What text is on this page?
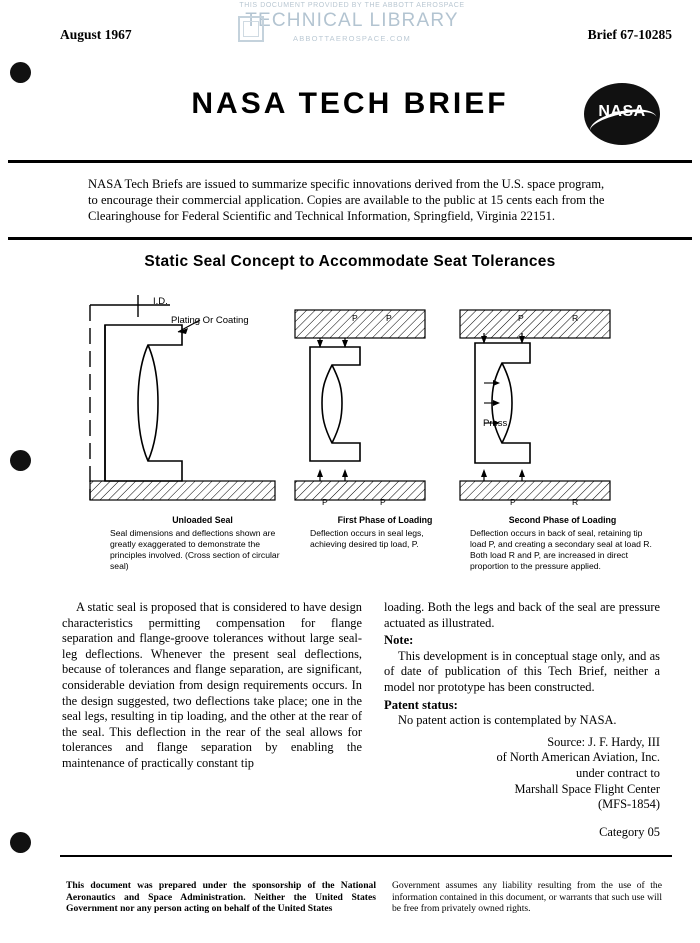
THIS DOCUMENT PROVIDED BY THE ABBOTT AEROSPACE
TECHNICAL LIBRARY
ABBOTTAEROSPACE.COM
August 1967	Brief 67-10285
NASA TECH BRIEF	NASA
NASA Tech Briefs are issued to summarize specific innovations derived from the U.S. space program, to encourage their commercial application. Copies are available to the public at 15 cents each from the Clearinghouse for Federal Scientific and Technical Information, Springfield, Virginia 22151.
Static Seal Concept to Accommodate Seat Tolerances
I.D.
Plating Or Coating	P	P
P	P
P	R
P	R
Press
Unloaded Seal
Seal dimensions and deflections shown are greatly exaggerated to demonstrate the principles involved. (Cross section of circular seal)
First Phase of Loading
Deflection occurs in seal legs, achieving desired tip load, P.
Second Phase of Loading
Deflection occurs in back of seal, retaining tip load P, and creating a secondary seal at load R. Both load R and P, are increased in direct proportion to the pressure applied.

A static seal is proposed that is considered to have design characteristics permitting compensation for flange separation and flange-groove tolerances without large seal-leg deflections. Whenever the present seal deflections, because of tolerances and flange separation, are significant, considerable deviation from design requirements occurs. In the design suggested, two deflections take place; one in the seal legs, resulting in tip loading, and the other at the rear of the seal. This deflection in the rear of the seal allows for tolerances and flange separation by enabling the maintenance of practically constant tip

loading. Both the legs and back of the seal are pressure actuated as illustrated.

Note:

This development is in conceptual stage only, and as of date of publication of this Tech Brief, neither a model nor prototype has been constructed.

Patent status:

No patent action is contemplated by NASA.

Source: J. F. Hardy, III
of North American Aviation, Inc.
under contract to
Marshall Space Flight Center
(MFS-1854)
Category 05
This document was prepared under the sponsorship of the National Aeronautics and Space Administration. Neither the United States Government nor any person acting on behalf of the United States
Government assumes any liability resulting from the use of the information contained in this document, or warrants that such use will be free from privately owned rights.
